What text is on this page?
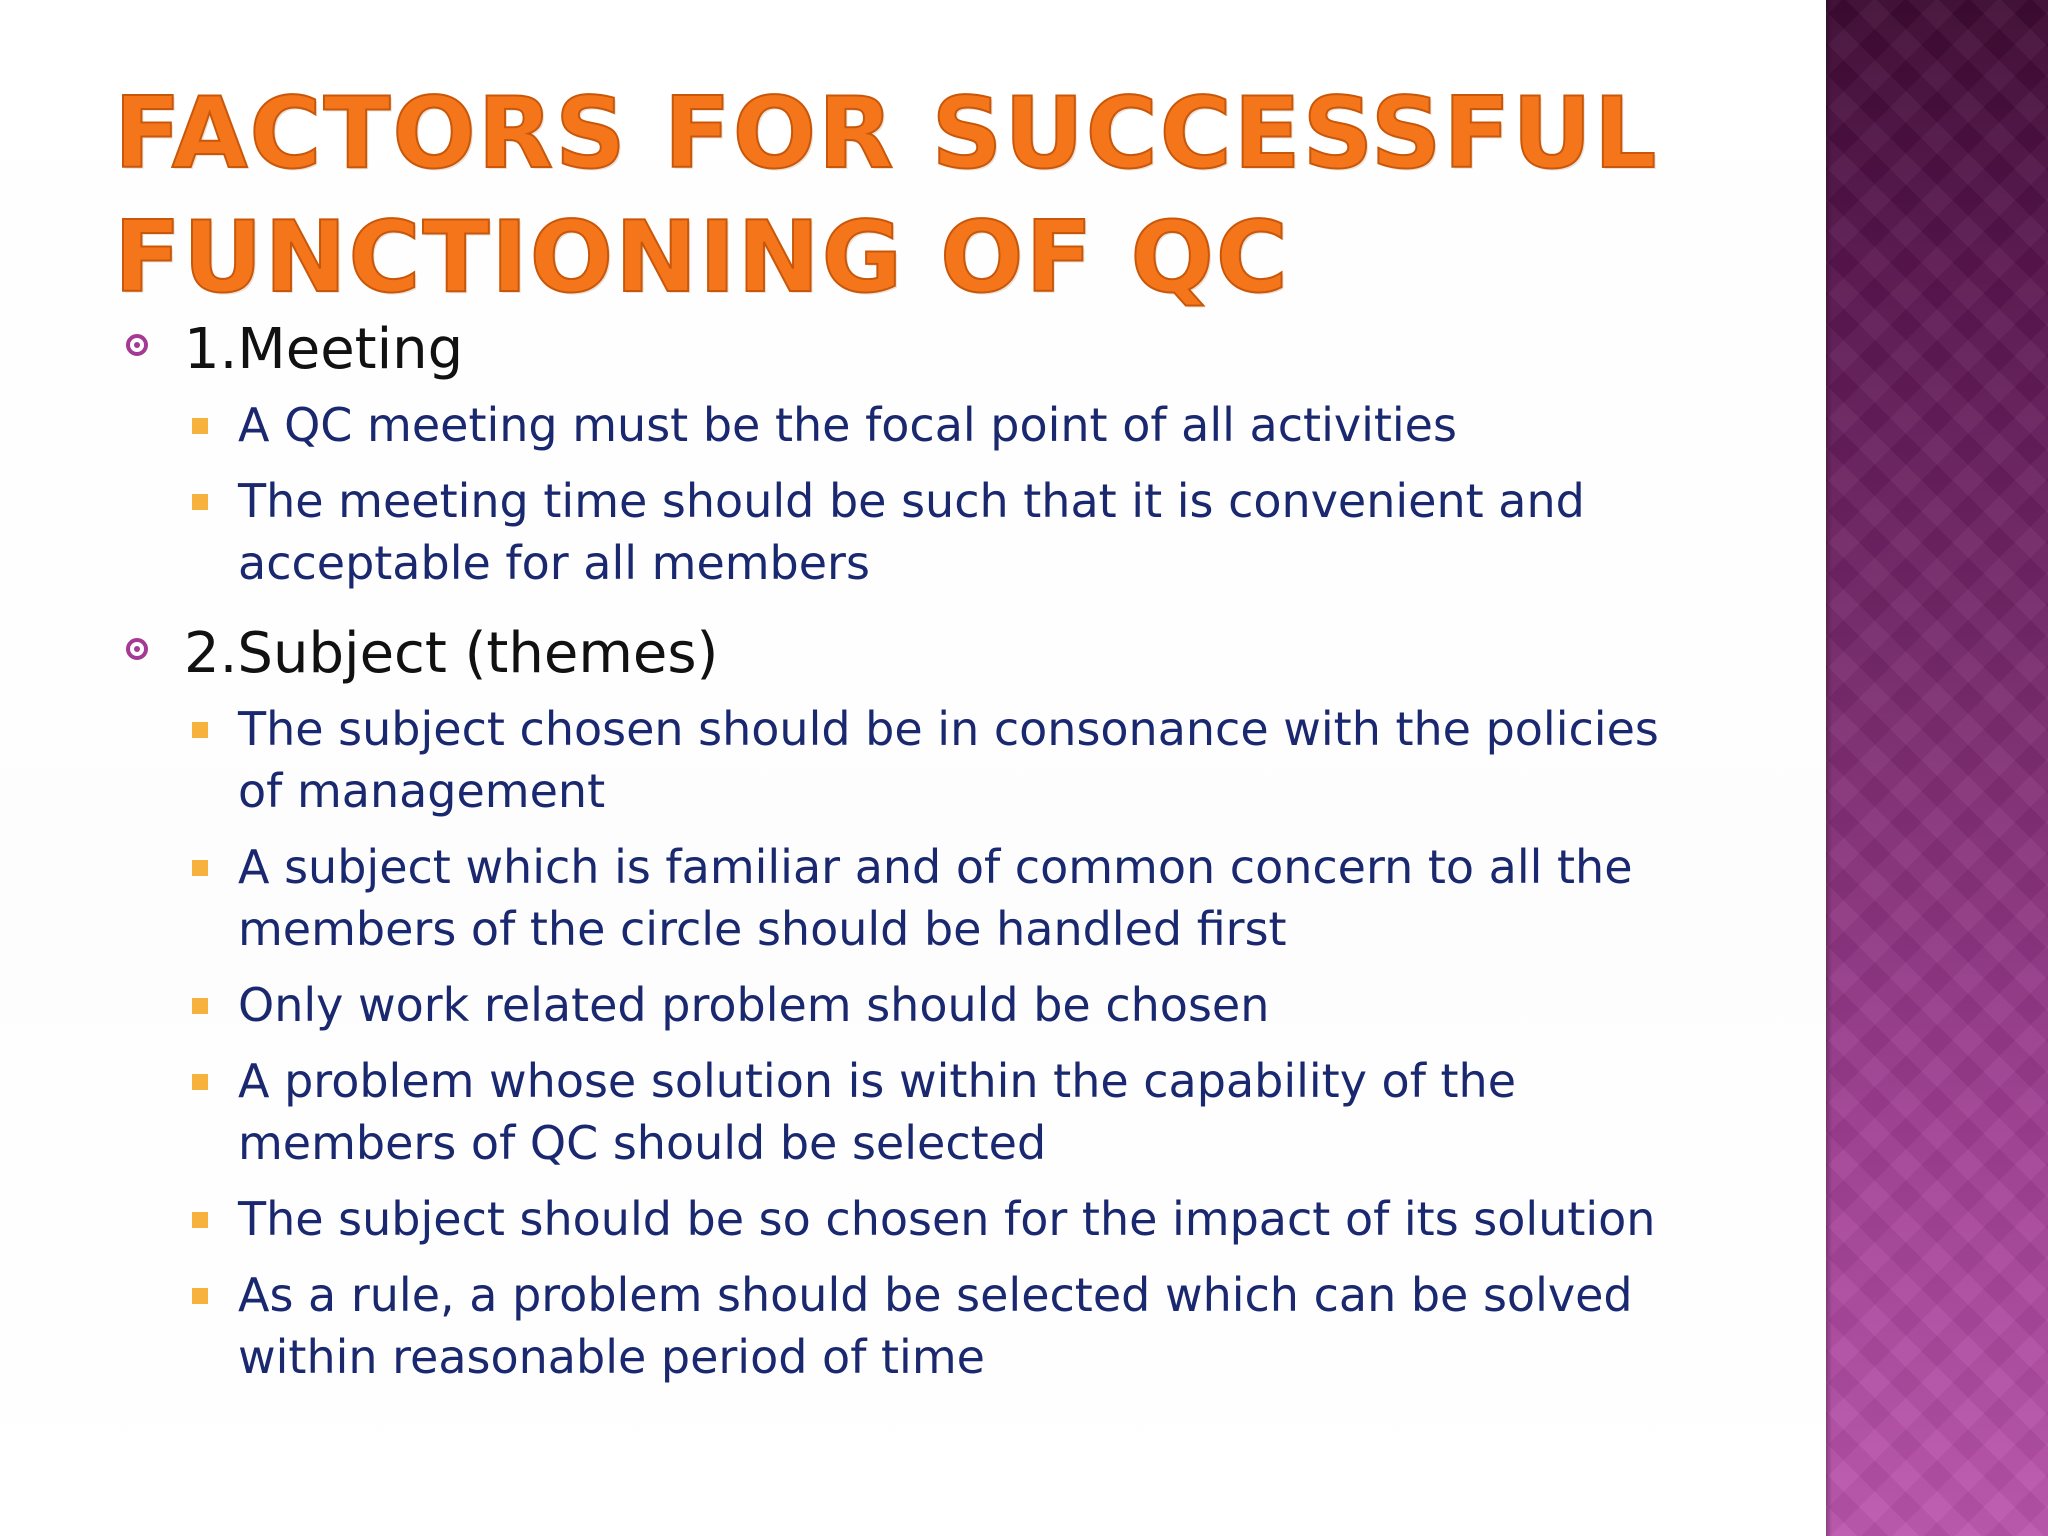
FACTORS FOR SUCCESSFUL
FUNCTIONING OF QC
1.Meeting
A QC meeting must be the focal point of all activities
The meeting time should be such that it is convenient and acceptable for all members
2.Subject (themes)
The subject chosen should be in consonance with the policies of management
A subject which is familiar and of common concern to all the members of the circle should be handled first
Only work related problem should be chosen
A problem whose solution is within the capability of the members of QC should be selected
The subject should be so chosen for the impact of its solution
As a rule, a problem should be selected which can be solved within reasonable period of time
